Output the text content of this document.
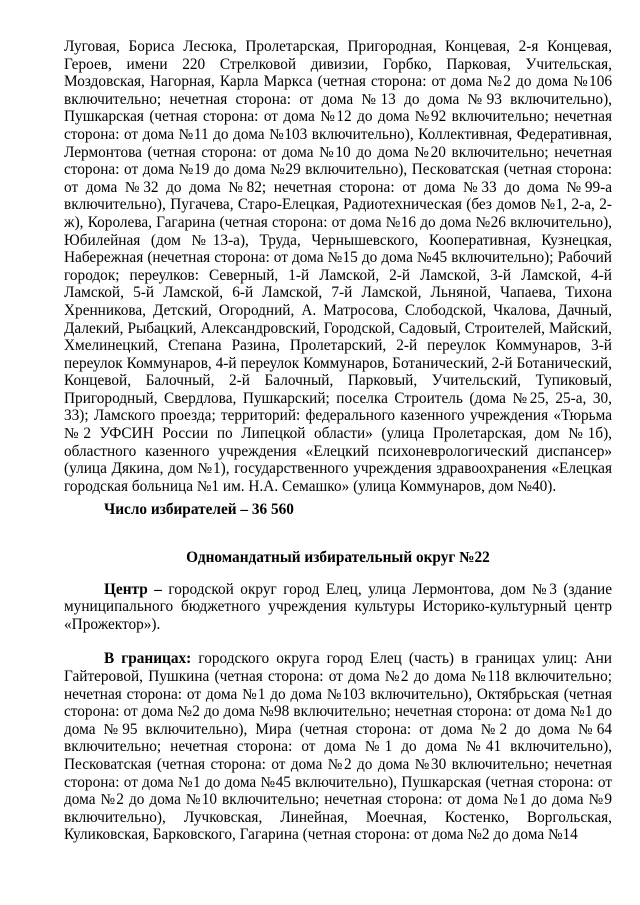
Луговая, Бориса Лесюка, Пролетарская, Пригородная, Концевая, 2-я Концевая, Героев, имени 220 Стрелковой дивизии, Горбко, Парковая, Учительская, Моздовская, Нагорная, Карла Маркса (четная сторона: от дома №2 до дома №106 включительно; нечетная сторона: от дома №13 до дома №93 включительно), Пушкарская (четная сторона: от дома №12 до дома №92 включительно; нечетная сторона: от дома №11 до дома №103 включительно), Коллективная, Федеративная, Лермонтова (четная сторона: от дома №10 до дома №20 включительно; нечетная сторона: от дома №19 до дома №29 включительно), Песковатская (четная сторона: от дома №32 до дома №82; нечетная сторона: от дома №33 до дома №99-а включительно), Пугачева, Старо-Елецкая, Радиотехническая (без домов №1, 2-а, 2-ж), Королева, Гагарина (четная сторона: от дома №16 до дома №26 включительно), Юбилейная (дом №13-а), Труда, Чернышевского, Кооперативная, Кузнецкая, Набережная (нечетная сторона: от дома №15 до дома №45 включительно); Рабочий городок; переулков: Северный, 1-й Ламской, 2-й Ламской, 3-й Ламской, 4-й Ламской, 5-й Ламской, 6-й Ламской, 7-й Ламской, Льняной, Чапаева, Тихона Хренникова, Детский, Огородний, А. Матросова, Слободской, Чкалова, Дачный, Далекий, Рыбацкий, Александровский, Городской, Садовый, Строителей, Майский, Хмелинецкий, Степана Разина, Пролетарский, 2-й переулок Коммунаров, 3-й переулок Коммунаров, 4-й переулок Коммунаров, Ботанический, 2-й Ботанический, Концевой, Балочный, 2-й Балочный, Парковый, Учительский, Тупиковый, Пригородный, Свердлова, Пушкарский; поселка Строитель (дома №25, 25-а, 30, 33); Ламского проезда; территорий: федерального казенного учреждения «Тюрьма №2 УФСИН России по Липецкой области» (улица Пролетарская, дом №1б), областного казенного учреждения «Елецкий психоневрологический диспансер» (улица Дякина, дом №1), государственного учреждения здравоохранения «Елецкая городская больница №1 им. Н.А. Семашко» (улица Коммунаров, дом №40).

Число избирателей – 36 560

Одномандатный избирательный округ №22

Центр – городской округ город Елец, улица Лермонтова, дом №3 (здание муниципального бюджетного учреждения культуры Историко-культурный центр «Прожектор»).

В границах: городского округа город Елец (часть) в границах улиц: Ани Гайтеровой, Пушкина (четная сторона: от дома №2 до дома №118 включительно; нечетная сторона: от дома №1 до дома №103 включительно), Октябрьская (четная сторона: от дома №2 до дома №98 включительно; нечетная сторона: от дома №1 до дома №95 включительно), Мира (четная сторона: от дома №2 до дома №64 включительно; нечетная сторона: от дома №1 до дома №41 включительно), Песковатская (четная сторона: от дома №2 до дома №30 включительно; нечетная сторона: от дома №1 до дома №45 включительно), Пушкарская (четная сторона: от дома №2 до дома №10 включительно; нечетная сторона: от дома №1 до дома №9 включительно), Лучковская, Линейная, Моечная, Костенко, Воргольская, Куликовская, Барковского, Гагарина (четная сторона: от дома №2 до дома №14
